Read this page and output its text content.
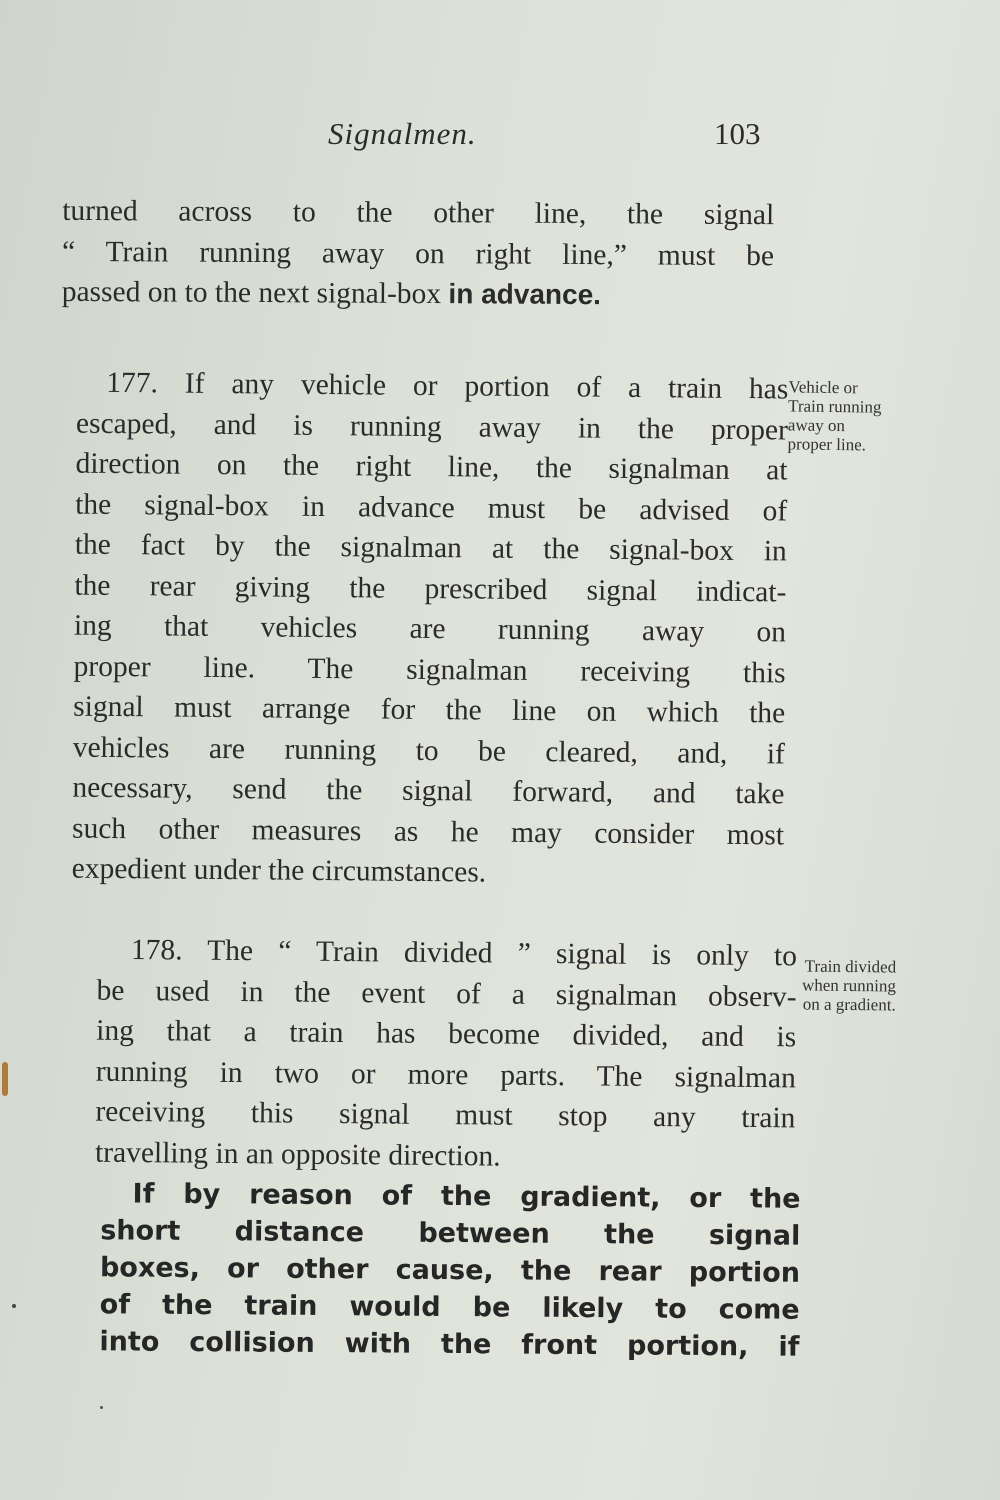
Signalmen.	103
turned across to the other line, the signal
“ Train running away on right line,” must be
passed on to the next signal-box in advance.
177. If any vehicle or portion of a train has
escaped, and is running away in the proper
direction on the right line, the signalman at
the signal-box in advance must be advised of
the fact by the signalman at the signal-box in
the rear giving the prescribed signal indicat-
ing that vehicles are running away on
proper line. The signalman receiving this
signal must arrange for the line on which the
vehicles are running to be cleared, and, if
necessary, send the signal forward, and take
such other measures as he may consider most
expedient under the circumstances.
Vehicle or
Train running
away on
proper line.
178. The “ Train divided ” signal is only to
be used in the event of a signalman observ-
ing that a train has become divided, and is
running in two or more parts. The signalman
receiving this signal must stop any train
travelling in an opposite direction.
Train divided
when running
on a gradient.
If by reason of the gradient, or the
short distance between the signal
boxes, or other cause, the rear portion
of the train would be likely to come
into collision with the front portion, if
